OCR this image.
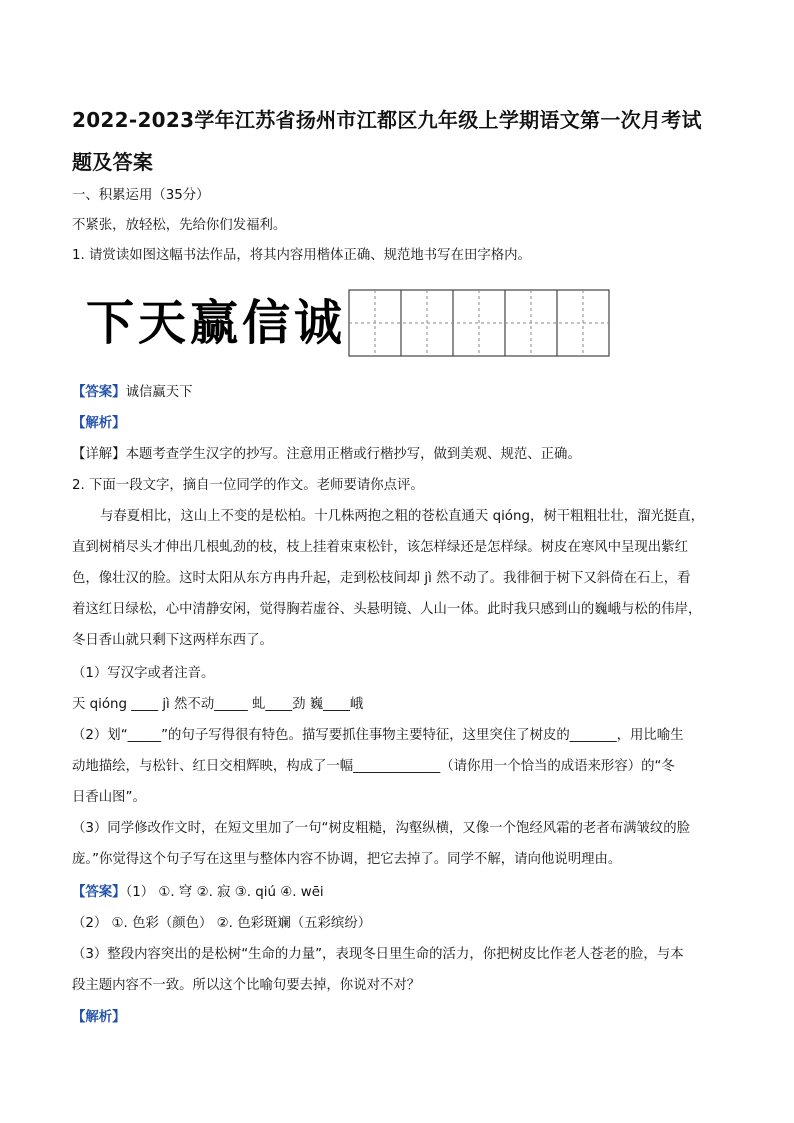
2022-2023学年江苏省扬州市江都区九年级上学期语文第一次月考试
题及答案
一、积累运用（35分）
不紧张，放轻松，先给你们发福利。
1. 请赏读如图这幅书法作品，将其内容用楷体正确、规范地书写在田字格内。
下天赢信诚
【答案】诚信赢天下
【解析】
【详解】本题考查学生汉字的抄写。注意用正楷或行楷抄写，做到美观、规范、正确。
2. 下面一段文字，摘自一位同学的作文。老师要请你点评。
与春夏相比，这山上不变的是松柏。十几株两抱之粗的苍松直通天 qióng，树干粗粗壮壮，溜光挺直，
直到树梢尽头才伸出几根虬劲的枝，枝上挂着束束松针，该怎样绿还是怎样绿。树皮在寒风中呈现出紫红
色，像壮汉的脸。这时太阳从东方冉冉升起，走到松枝间却 jì 然不动了。我徘徊于树下又斜倚在石上，看
着这红日绿松，心中清静安闲，觉得胸若虚谷、头悬明镜、人山一体。此时我只感到山的巍峨与松的伟岸，
冬日香山就只剩下这两样东西了。
（1）写汉字或者注音。
天 qióng ____ jì 然不动_____ 虬____劲 巍____峨
（2）划“_____”的句子写得很有特色。描写要抓住事物主要特征，这里突住了树皮的_______，用比喻生
动地描绘，与松针、红日交相辉映，构成了一幅_____________（请你用一个恰当的成语来形容）的“冬
日香山图”。
（3）同学修改作文时，在短文里加了一句“树皮粗糙，沟壑纵横，又像一个饱经风霜的老者布满皱纹的脸
庞。”你觉得这个句子写在这里与整体内容不协调，把它去掉了。同学不解，请向他说明理由。
【答案】（1） ①. 穹 ②. 寂 ③. qiú ④. wēi
（2） ①. 色彩（颜色） ②. 色彩斑斓（五彩缤纷）
（3）整段内容突出的是松树“生命的力量”，表现冬日里生命的活力，你把树皮比作老人苍老的脸，与本
段主题内容不一致。所以这个比喻句要去掉，你说对不对？
【解析】
